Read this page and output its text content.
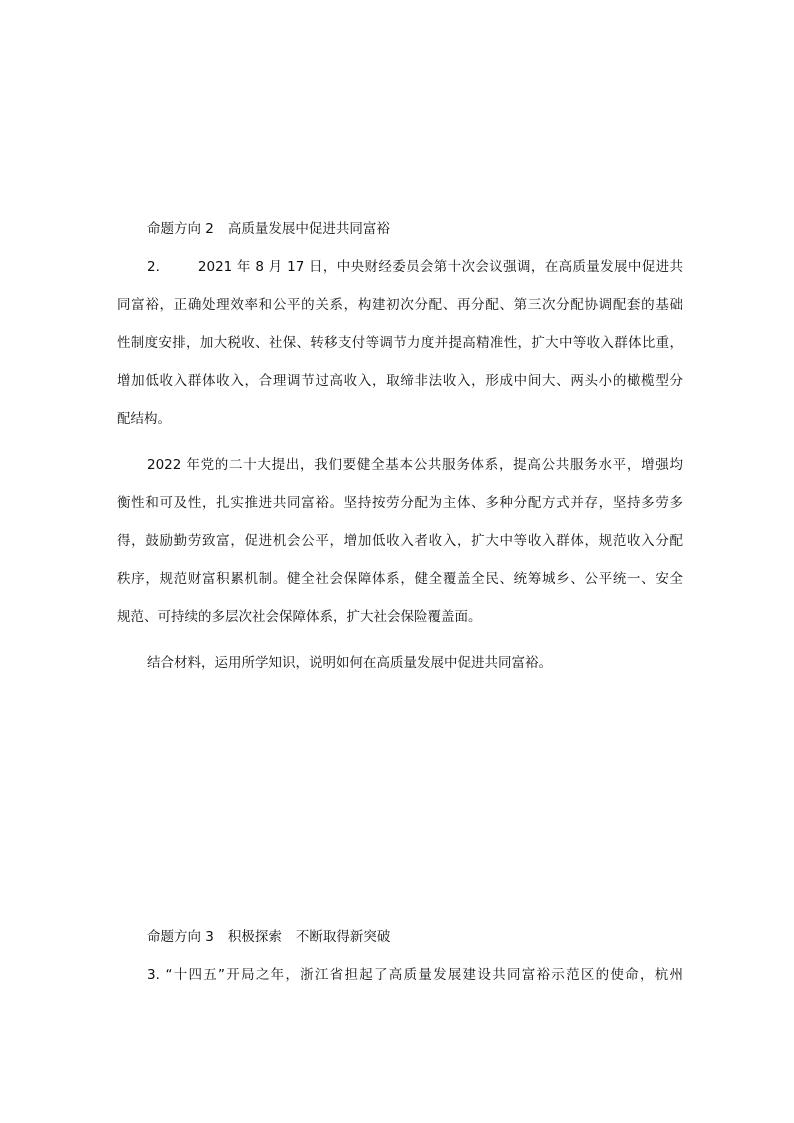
命题方向 2 高质量发展中促进共同富裕
2.	2021 年 8 月 17 日，中央财经委员会第十次会议强调，在高质量发展中促进共
同富裕，正确处理效率和公平的关系，构建初次分配、再分配、第三次分配协调配套的基础
性制度安排，加大税收、社保、转移支付等调节力度并提高精准性，扩大中等收入群体比重，
增加低收入群体收入，合理调节过高收入，取缔非法收入，形成中间大、两头小的橄榄型分
配结构。
2022 年党的二十大提出，我们要健全基本公共服务体系，提高公共服务水平，增强均
衡性和可及性，扎实推进共同富裕。坚持按劳分配为主体、多种分配方式并存，坚持多劳多
得，鼓励勤劳致富，促进机会公平，增加低收入者收入，扩大中等收入群体，规范收入分配
秩序，规范财富积累机制。健全社会保障体系，健全覆盖全民、统筹城乡、公平统一、安全
规范、可持续的多层次社会保障体系，扩大社会保险覆盖面。
结合材料，运用所学知识，说明如何在高质量发展中促进共同富裕。
命题方向 3 积极探索 不断取得新突破
3. “十四五”开局之年，浙江省担起了高质量发展建设共同富裕示范区的使命，杭州
